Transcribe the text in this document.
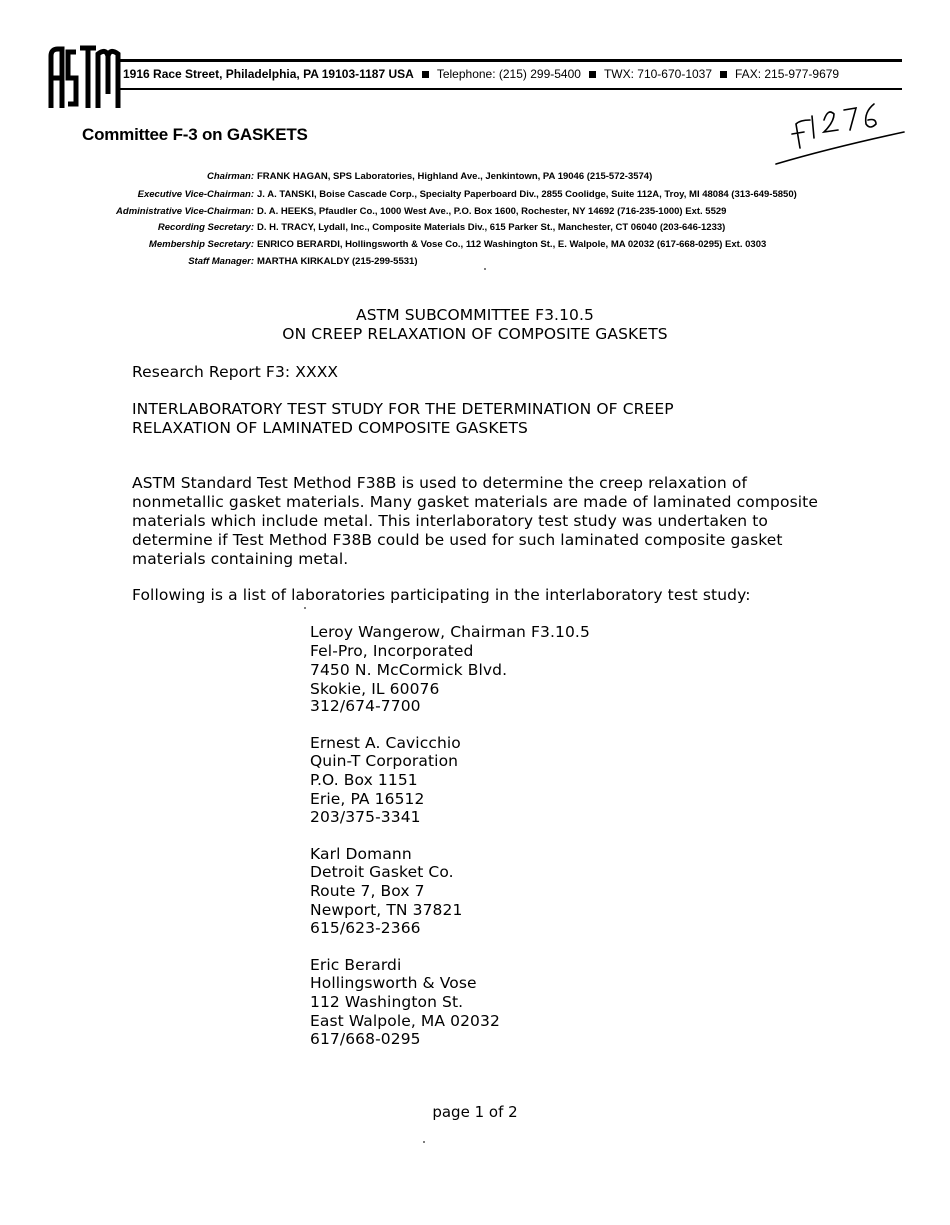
1916 Race Street, Philadelphia, PA 19103-1187 USA Telephone: (215) 299-5400 TWX: 710-670-1037 FAX: 215-977-9679
Committee F-3 on GASKETS
Chairman: FRANK HAGAN, SPS Laboratories, Highland Ave., Jenkintown, PA 19046 (215-572-3574)
Executive Vice-Chairman: J. A. TANSKI, Boise Cascade Corp., Specialty Paperboard Div., 2855 Coolidge, Suite 112A, Troy, MI 48084 (313-649-5850)
Administrative Vice-Chairman: D. A. HEEKS, Pfaudler Co., 1000 West Ave., P.O. Box 1600, Rochester, NY 14692 (716-235-1000) Ext. 5529
Recording Secretary: D. H. TRACY, Lydall, Inc., Composite Materials Div., 615 Parker St., Manchester, CT 06040 (203-646-1233)
Membership Secretary: ENRICO BERARDI, Hollingsworth & Vose Co., 112 Washington St., E. Walpole, MA 02032 (617-668-0295) Ext. 0303
Staff Manager: MARTHA KIRKALDY (215-299-5531)
ASTM SUBCOMMITTEE F3.10.5
ON CREEP RELAXATION OF COMPOSITE GASKETS
Research Report F3: XXXX
INTERLABORATORY TEST STUDY FOR THE DETERMINATION OF CREEP
RELAXATION OF LAMINATED COMPOSITE GASKETS
ASTM Standard Test Method F38B is used to determine the creep relaxation of
nonmetallic gasket materials. Many gasket materials are made of laminated composite
materials which include metal. This interlaboratory test study was undertaken to
determine if Test Method F38B could be used for such laminated composite gasket
materials containing metal.
Following is a list of laboratories participating in the interlaboratory test study:
Leroy Wangerow, Chairman F3.10.5
Fel-Pro, Incorporated
7450 N. McCormick Blvd.
Skokie, IL 60076
312/674-7700
Ernest A. Cavicchio
Quin-T Corporation
P.O. Box 1151
Erie, PA 16512
203/375-3341
Karl Domann
Detroit Gasket Co.
Route 7, Box 7
Newport, TN 37821
615/623-2366
Eric Berardi
Hollingsworth & Vose
112 Washington St.
East Walpole, MA 02032
617/668-0295
page 1 of 2
